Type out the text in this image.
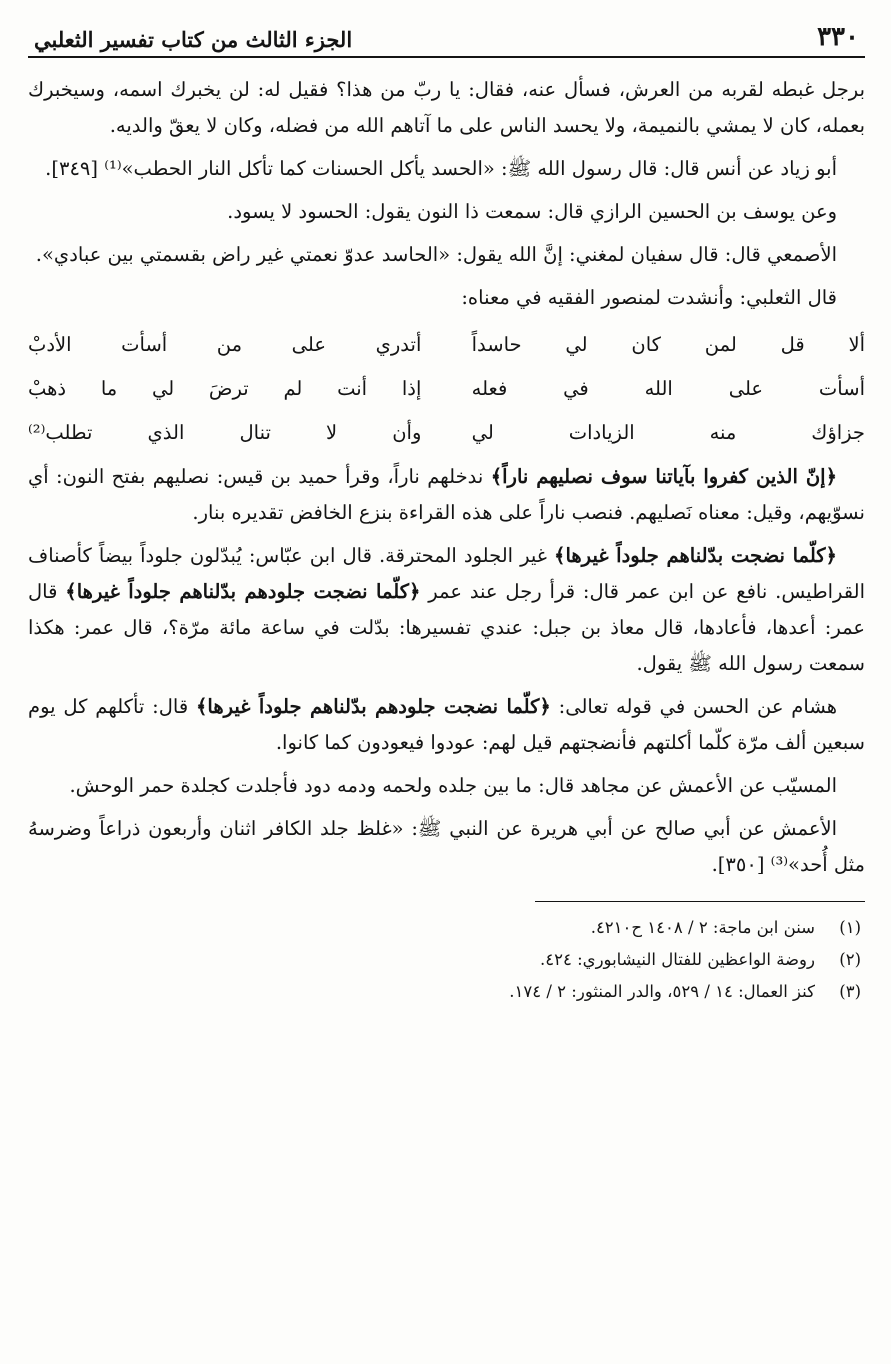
٣٣٠
الجزء الثالث من كتاب تفسير الثعلبي

برجل غبطه لقربه من العرش، فسأل عنه، فقال: يا ربّ من هذا؟ فقيل له: لن يخبرك اسمه، وسيخبرك بعمله، كان لا يمشي بالنميمة، ولا يحسد الناس على ما آتاهم الله من فضله، وكان لا يعقّ والديه.

أبو زياد عن أنس قال: قال رسول الله ﷺ: «الحسد يأكل الحسنات كما تأكل النار الحطب»⁽¹⁾ [٣٤٩].

وعن يوسف بن الحسين الرازي قال: سمعت ذا النون يقول: الحسود لا يسود.

الأصمعي قال: قال سفيان لمغني: إنَّ الله يقول: «الحاسد عدوّ نعمتي غير راض بقسمتي بين عبادي».

قال الثعلبي: وأنشدت لمنصور الفقيه في معناه:

ألا قل لمن كان لي حاسداً
أتدري على من أسأت الأدبْ
أسأت على الله في فعله
إذا أنت لم ترضَ لي ما ذهبْ
جزاؤك منه الزيادات لي
وأن لا تنال الذي تطلب⁽²⁾

﴿إنّ الذين كفروا بآياتنا سوف نصليهم ناراً﴾ ندخلهم ناراً، وقرأ حميد بن قيس: نصليهم بفتح النون: أي نسوّيهم، وقيل: معناه نَصليهم. فنصب ناراً على هذه القراءة بنزع الخافض تقديره بنار.

﴿كلّما نضجت بدّلناهم جلوداً غيرها﴾ غير الجلود المحترقة. قال ابن عبّاس: يُبدّلون جلوداً بيضاً كأصناف القراطيس. نافع عن ابن عمر قال: قرأ رجل عند عمر ﴿كلّما نضجت جلودهم بدّلناهم جلوداً غيرها﴾ قال عمر: أعدها، فأعادها، قال معاذ بن جبل: عندي تفسيرها: بدّلت في ساعة مائة مرّة؟، قال عمر: هكذا سمعت رسول الله ﷺ يقول.

هشام عن الحسن في قوله تعالى: ﴿كلّما نضجت جلودهم بدّلناهم جلوداً غيرها﴾ قال: تأكلهم كل يوم سبعين ألف مرّة كلّما أكلتهم فأنضجتهم قيل لهم: عودوا فيعودون كما كانوا.

المسيّب عن الأعمش عن مجاهد قال: ما بين جلده ولحمه ودمه دود فأجلدت كجلدة حمر الوحش.

الأعمش عن أبي صالح عن أبي هريرة عن النبي ﷺ: «غلظ جلد الكافر اثنان وأربعون ذراعاً وضرسهُ مثل أُحد»⁽³⁾ [٣٥٠].

(١)
سنن ابن ماجة: ٢ / ١٤٠٨ ح٤٢١٠.
(٢)
روضة الواعظين للفتال النيشابوري: ٤٢٤.
(٣)
كنز العمال: ١٤ / ٥٢٩، والدر المنثور: ٢ / ١٧٤.
